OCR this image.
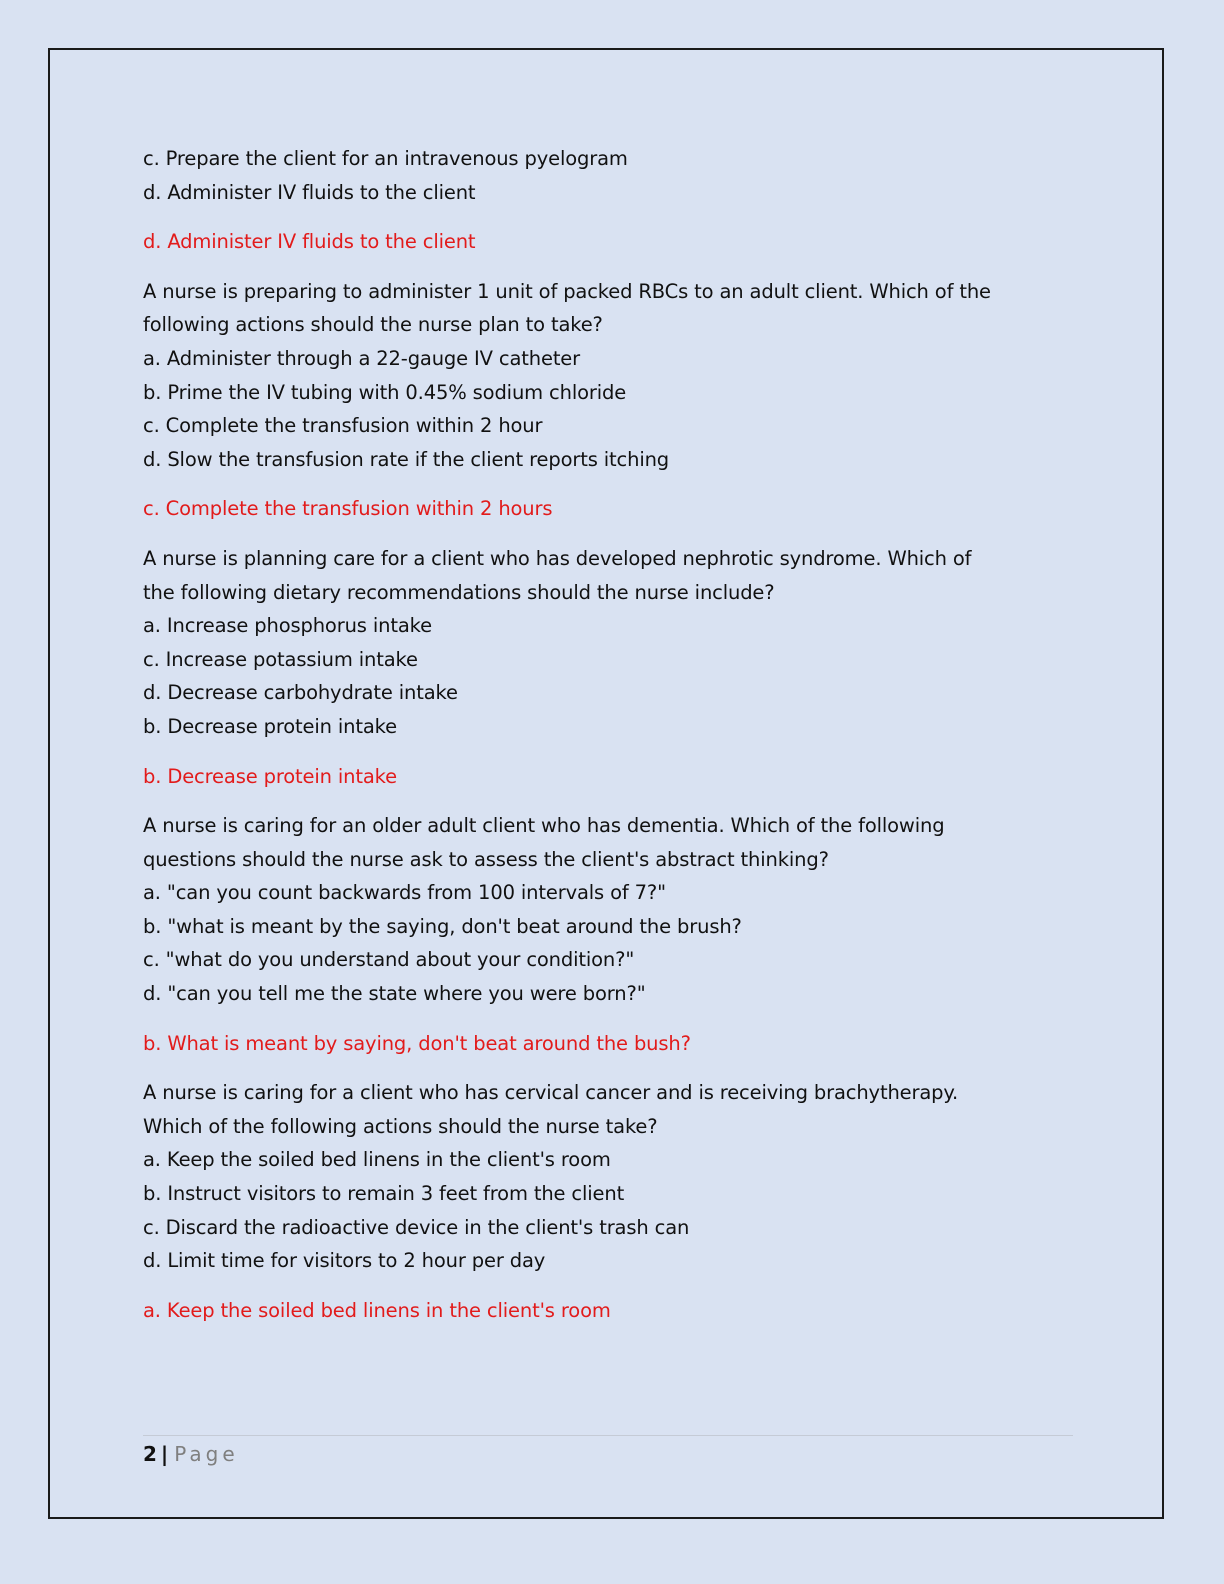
c. Prepare the client for an intravenous pyelogram
d. Administer IV fluids to the client
d. Administer IV fluids to the client
A nurse is preparing to administer 1 unit of packed RBCs to an adult client. Which of the
following actions should the nurse plan to take?
a. Administer through a 22-gauge IV catheter
b. Prime the IV tubing with 0.45% sodium chloride
c. Complete the transfusion within 2 hour
d. Slow the transfusion rate if the client reports itching
c. Complete the transfusion within 2 hours
A nurse is planning care for a client who has developed nephrotic syndrome. Which of
the following dietary recommendations should the nurse include?
a. Increase phosphorus intake
c. Increase potassium intake
d. Decrease carbohydrate intake
b. Decrease protein intake
b. Decrease protein intake
A nurse is caring for an older adult client who has dementia. Which of the following
questions should the nurse ask to assess the client's abstract thinking?
a. "can you count backwards from 100 intervals of 7?"
b. "what is meant by the saying, don't beat around the brush?
c. "what do you understand about your condition?"
d. "can you tell me the state where you were born?"
b. What is meant by saying, don't beat around the bush?
A nurse is caring for a client who has cervical cancer and is receiving brachytherapy.
Which of the following actions should the nurse take?
a. Keep the soiled bed linens in the client's room
b. Instruct visitors to remain 3 feet from the client
c. Discard the radioactive device in the client's trash can
d. Limit time for visitors to 2 hour per day
a. Keep the soiled bed linens in the client's room
2 | Page
